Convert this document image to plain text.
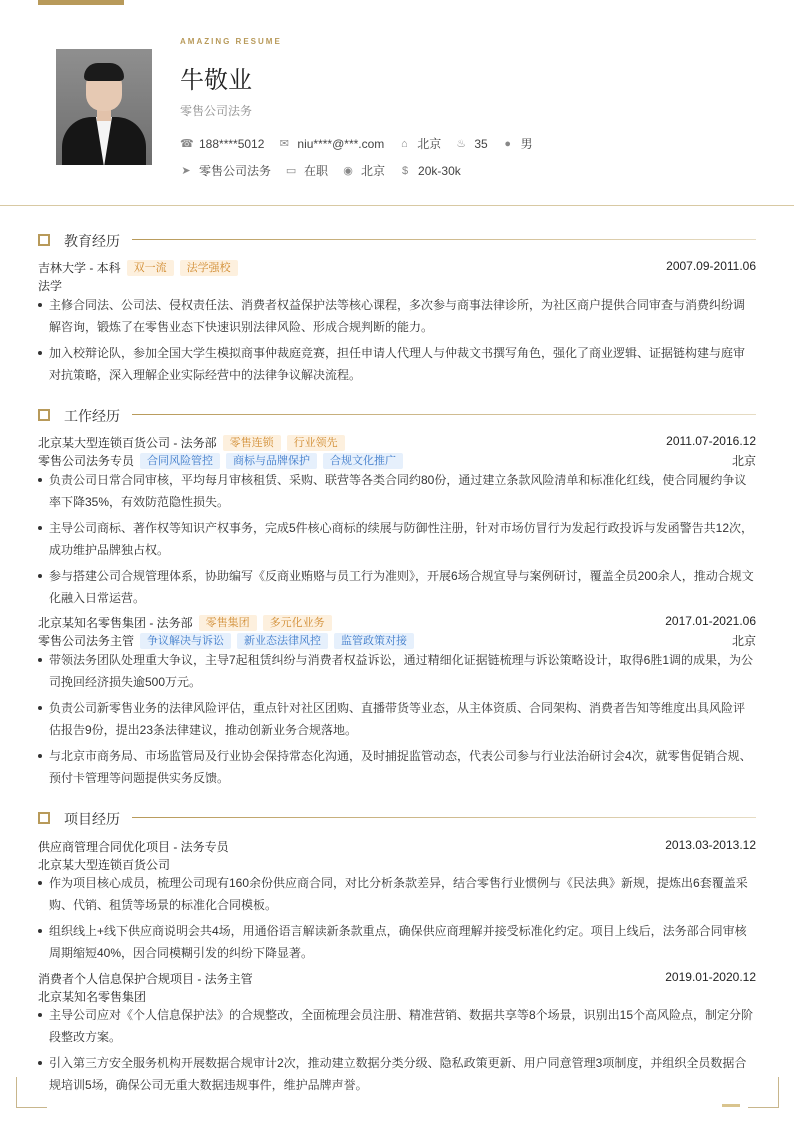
AMAZING RESUME
牛敬业
零售公司法务
☎ 188****5012 ✉ niu****@***.com ⌂ 北京 ♨ 35 ● 男
➤ 零售公司法务 ▭ 在职 ◉ 北京 $ 20k-30k
教育经历
吉林大学 - 本科	双一流	法学强校	2007.09-2011.06
法学
主修合同法、公司法、侵权责任法、消费者权益保护法等核心课程，多次参与商事法律诊所，为社区商户提供合同审查与消费纠纷调解咨询，锻炼了在零售业态下快速识别法律风险、形成合规判断的能力。
加入校辩论队，参加全国大学生模拟商事仲裁庭竞赛，担任申请人代理人与仲裁文书撰写角色，强化了商业逻辑、证据链构建与庭审对抗策略，深入理解企业实际经营中的法律争议解决流程。
工作经历
北京某大型连锁百货公司 - 法务部	零售连锁	行业领先	2011.07-2016.12
零售公司法务专员	合同风险管控	商标与品牌保护	合规文化推广	北京
负责公司日常合同审核，平均每月审核租赁、采购、联营等各类合同约80份，通过建立条款风险清单和标准化红线，使合同履约争议率下降35%，有效防范隐性损失。
主导公司商标、著作权等知识产权事务，完成5件核心商标的续展与防御性注册，针对市场仿冒行为发起行政投诉与发函警告共12次，成功维护品牌独占权。
参与搭建公司合规管理体系，协助编写《反商业贿赂与员工行为准则》，开展6场合规宣导与案例研讨，覆盖全员200余人，推动合规文化融入日常运营。
北京某知名零售集团 - 法务部	零售集团	多元化业务	2017.01-2021.06
零售公司法务主管	争议解决与诉讼	新业态法律风控	监管政策对接	北京
带领法务团队处理重大争议，主导7起租赁纠纷与消费者权益诉讼，通过精细化证据链梳理与诉讼策略设计，取得6胜1调的成果，为公司挽回经济损失逾500万元。
负责公司新零售业务的法律风险评估，重点针对社区团购、直播带货等业态，从主体资质、合同架构、消费者告知等维度出具风险评估报告9份，提出23条法律建议，推动创新业务合规落地。
与北京市商务局、市场监管局及行业协会保持常态化沟通，及时捕捉监管动态，代表公司参与行业法治研讨会4次，就零售促销合规、预付卡管理等问题提供实务反馈。
项目经历
供应商管理合同优化项目 - 法务专员	2013.03-2013.12
北京某大型连锁百货公司
作为项目核心成员，梳理公司现有160余份供应商合同，对比分析条款差异，结合零售行业惯例与《民法典》新规，提炼出6套覆盖采购、代销、租赁等场景的标准化合同模板。
组织线上+线下供应商说明会共4场，用通俗语言解读新条款重点，确保供应商理解并接受标准化约定。项目上线后，法务部合同审核周期缩短40%，因合同模糊引发的纠纷下降显著。
消费者个人信息保护合规项目 - 法务主管	2019.01-2020.12
北京某知名零售集团
主导公司应对《个人信息保护法》的合规整改，全面梳理会员注册、精准营销、数据共享等8个场景，识别出15个高风险点，制定分阶段整改方案。
引入第三方安全服务机构开展数据合规审计2次，推动建立数据分类分级、隐私政策更新、用户同意管理3项制度，并组织全员数据合规培训5场，确保公司无重大数据违规事件，维护品牌声誉。
